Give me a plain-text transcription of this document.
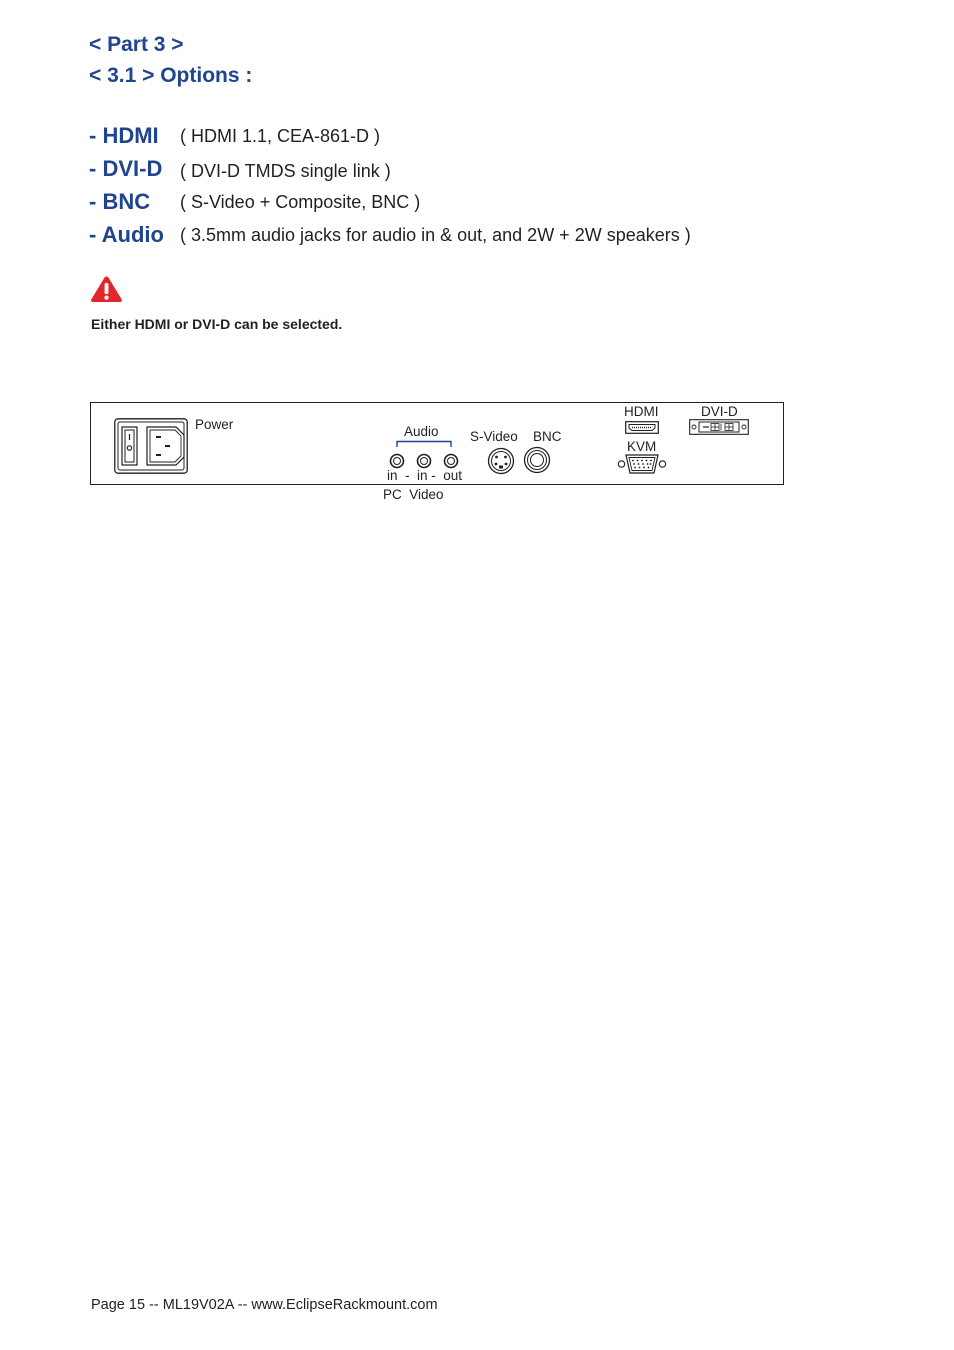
< Part 3 >
< 3.1 > Options :
- HDMI ( HDMI 1.1, CEA-861-D )
- DVI-D ( DVI-D TMDS single link )
- BNC ( S-Video + Composite, BNC )
- Audio ( 3.5mm audio jacks for audio in & out, and 2W + 2W speakers )
Either HDMI or DVI-D can be selected.
Power	Audio
in  -  in -  out
PC  Video
S-Video BNC
HDMI
KVM
DVI-D
Page 15 -- ML19V02A -- www.EclipseRackmount.com
